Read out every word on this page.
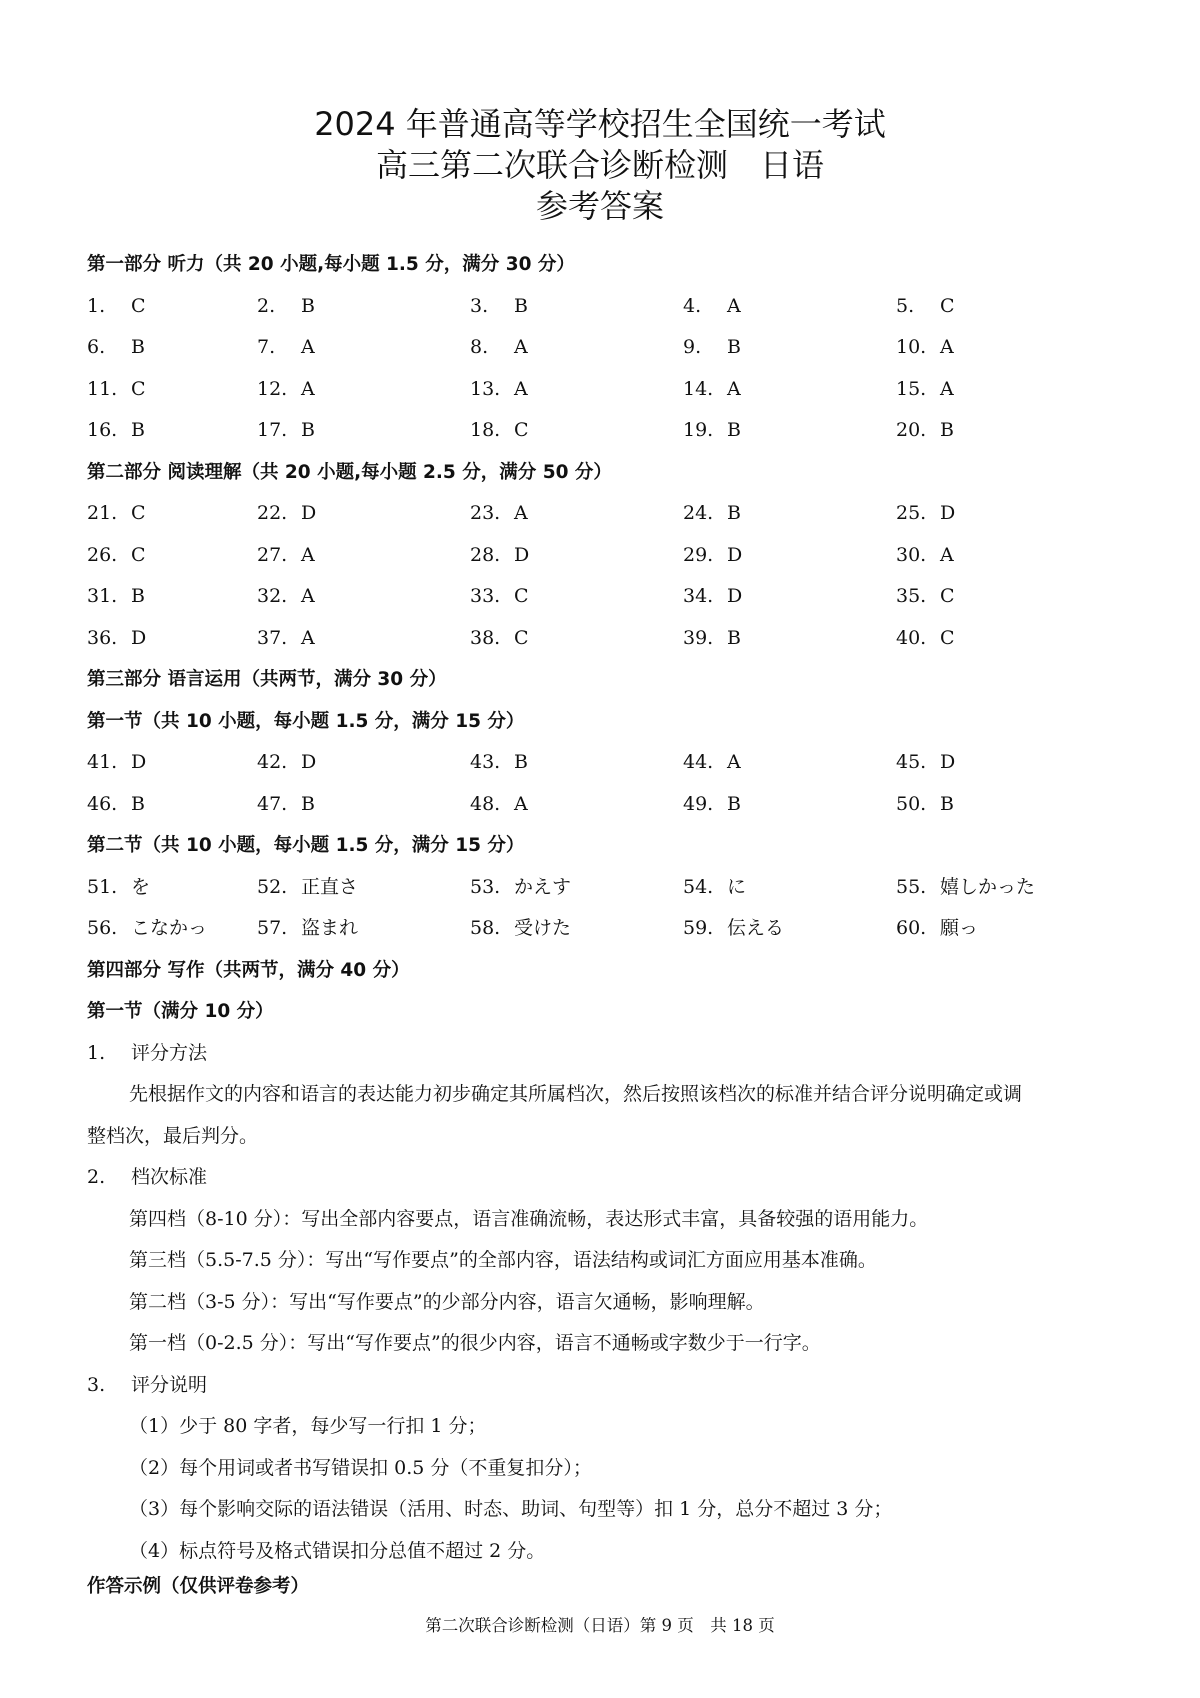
2024 年普通高等学校招生全国统一考试
高三第二次联合诊断检测　日语
参考答案
第一部分 听力（共 20 小题,每小题 1.5 分，满分 30 分）
1.	C	2.	B	3.	B	4.	A	5.	C
6.	B	7.	A	8.	A	9.	B	10. A
11. C	12. A	13. A	14. A	15. A
16. B	17. B	18. C	19. B	20. B
第二部分 阅读理解（共 20 小题,每小题 2.5 分，满分 50 分）
21. C	22. D	23. A	24. B	25. D
26. C	27. A	28. D	29. D	30. A
31. B	32. A	33. C	34. D	35. C
36. D	37. A	38. C	39. B	40. C
第三部分 语言运用（共两节，满分 30 分）
第一节（共 10 小题，每小题 1.5 分，满分 15 分）
41. D	42. D	43. B	44. A	45. D
46. B	47. B	48. A	49. B	50. B
第二节（共 10 小题，每小题 1.5 分，满分 15 分）
51. を	52. 正直さ	53. かえす	54. に	55. 嬉しかった
56. こなかっ	57. 盗まれ	58. 受けた	59. 伝える	60. 願っ
第四部分 写作（共两节，满分 40 分）
第一节（满分 10 分）
1.	评分方法
先根据作文的内容和语言的表达能力初步确定其所属档次，然后按照该档次的标准并结合评分说明确定或调
整档次，最后判分。
2.	档次标准
第四档（8-10 分）：写出全部内容要点，语言准确流畅，表达形式丰富，具备较强的语用能力。
第三档（5.5-7.5 分）：写出“写作要点”的全部内容，语法结构或词汇方面应用基本准确。
第二档（3-5 分）：写出“写作要点”的少部分内容，语言欠通畅，影响理解。
第一档（0-2.5 分）：写出“写作要点”的很少内容，语言不通畅或字数少于一行字。
3.	评分说明
（1）少于 80 字者，每少写一行扣 1 分；
（2）每个用词或者书写错误扣 0.5 分（不重复扣分）；
（3）每个影响交际的语法错误（活用、时态、助词、句型等）扣 1 分，总分不超过 3 分；
（4）标点符号及格式错误扣分总值不超过 2 分。
作答示例（仅供评卷参考）
第二次联合诊断检测（日语）第 9 页　共 18 页
